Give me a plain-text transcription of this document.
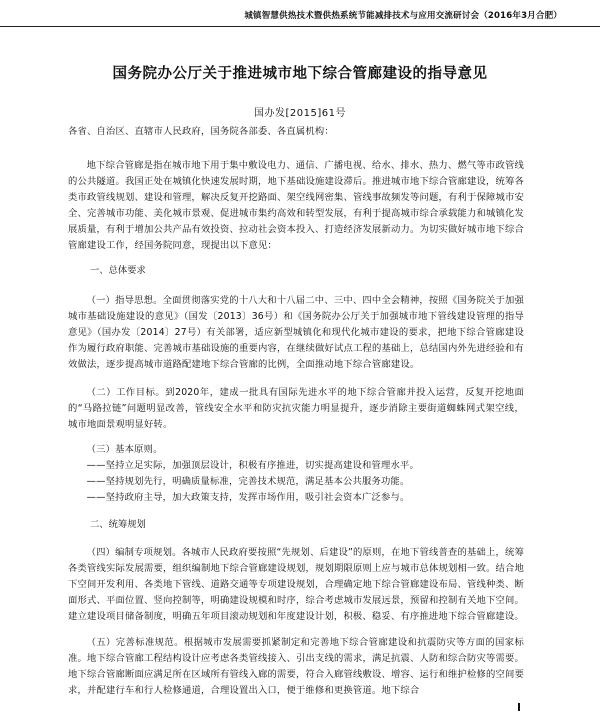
城镇智慧供热技术暨供热系统节能减排技术与应用交流研讨会（2016年3月合肥）
国务院办公厅关于推进城市地下综合管廊建设的指导意见
国办发[2015]61号
各省、自治区、直辖市人民政府，国务院各部委、各直属机构：
地下综合管廊是指在城市地下用于集中敷设电力、通信、广播电视、给水、排水、热力、燃气等市政管线的公共隧道。我国正处在城镇化快速发展时期，地下基础设施建设滞后。推进城市地下综合管廊建设，统筹各类市政管线规划、建设和管理，解决反复开挖路面、架空线网密集、管线事故频发等问题，有利于保障城市安全、完善城市功能、美化城市景观、促进城市集约高效和转型发展，有利于提高城市综合承载能力和城镇化发展质量，有利于增加公共产品有效投资、拉动社会资本投入、打造经济发展新动力。为切实做好城市地下综合管廊建设工作，经国务院同意，现提出以下意见：
一、总体要求
（一）指导思想。全面贯彻落实党的十八大和十八届二中、三中、四中全会精神，按照《国务院关于加强城市基础设施建设的意见》（国发〔2013〕36号）和《国务院办公厅关于加强城市地下管线建设管理的指导意见》（国办发〔2014〕27号）有关部署，适应新型城镇化和现代化城市建设的要求，把地下综合管廊建设作为履行政府职能、完善城市基础设施的重要内容，在继续做好试点工程的基础上，总结国内外先进经验和有效做法，逐步提高城市道路配建地下综合管廊的比例，全面推动地下综合管廊建设。
（二）工作目标。到2020年，建成一批具有国际先进水平的地下综合管廊并投入运营，反复开挖地面的“马路拉链”问题明显改善，管线安全水平和防灾抗灾能力明显提升，逐步消除主要街道蜘蛛网式架空线，城市地面景观明显好转。
（三）基本原则。
——坚持立足实际，加强顶层设计，积极有序推进，切实提高建设和管理水平。
——坚持规划先行，明确质量标准，完善技术规范，满足基本公共服务功能。
——坚持政府主导，加大政策支持，发挥市场作用，吸引社会资本广泛参与。
二、统筹规划
（四）编制专项规划。各城市人民政府要按照“先规划、后建设”的原则，在地下管线普查的基础上，统筹各类管线实际发展需要，组织编制地下综合管廊建设规划，规划期限原则上应与城市总体规划相一致。结合地下空间开发利用、各类地下管线、道路交通等专项建设规划，合理确定地下综合管廊建设布局、管线种类、断面形式、平面位置、竖向控制等，明确建设规模和时序，综合考虑城市发展远景，预留和控制有关地下空间。建立建设项目储备制度，明确五年项目滚动规划和年度建设计划，积极、稳妥、有序推进地下综合管廊建设。
（五）完善标准规范。根据城市发展需要抓紧制定和完善地下综合管廊建设和抗震防灾等方面的国家标准。地下综合管廊工程结构设计应考虑各类管线接入、引出支线的需求，满足抗震、人防和综合防灾等需要。地下综合管廊断面应满足所在区域所有管线入廊的需要，符合入廊管线敷设、增容、运行和维护检修的空间要求，并配建行车和行人检修通道，合理设置出入口，便于维修和更换管道。地下综合
